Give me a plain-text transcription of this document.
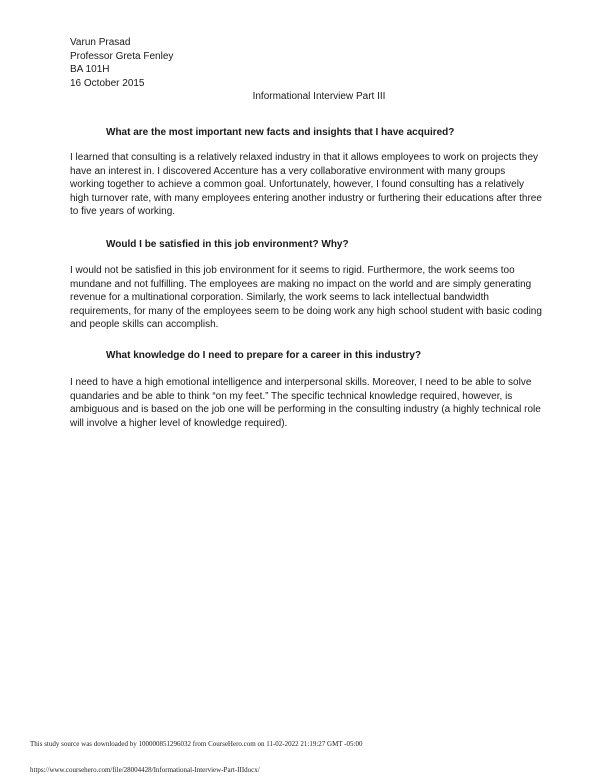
Varun Prasad
Professor Greta Fenley
BA 101H
16 October 2015
Informational Interview Part III
What are the most important new facts and insights that I have acquired?
I learned that consulting is a relatively relaxed industry in that it allows employees to work on projects they have an interest in. I discovered Accenture has a very collaborative environment with many groups working together to achieve a common goal. Unfortunately, however, I found consulting has a relatively high turnover rate, with many employees entering another industry or furthering their educations after three to five years of working.
Would I be satisfied in this job environment? Why?
I would not be satisfied in this job environment for it seems to rigid. Furthermore, the work seems too mundane and not fulfilling. The employees are making no impact on the world and are simply generating revenue for a multinational corporation. Similarly, the work seems to lack intellectual bandwidth requirements, for many of the employees seem to be doing work any high school student with basic coding and people skills can accomplish.
What knowledge do I need to prepare for a career in this industry?
I need to have a high emotional intelligence and interpersonal skills. Moreover, I need to be able to solve quandaries and be able to think “on my feet.” The specific technical knowledge required, however, is ambiguous and is based on the job one will be performing in the consulting industry (a highly technical role will involve a higher level of knowledge required).
This study source was downloaded by 100000851296032 from CourseHero.com on 11-02-2022 21:19:27 GMT -05:00
https://www.coursehero.com/file/28004428/Informational-Interview-Part-IIIdocx/
